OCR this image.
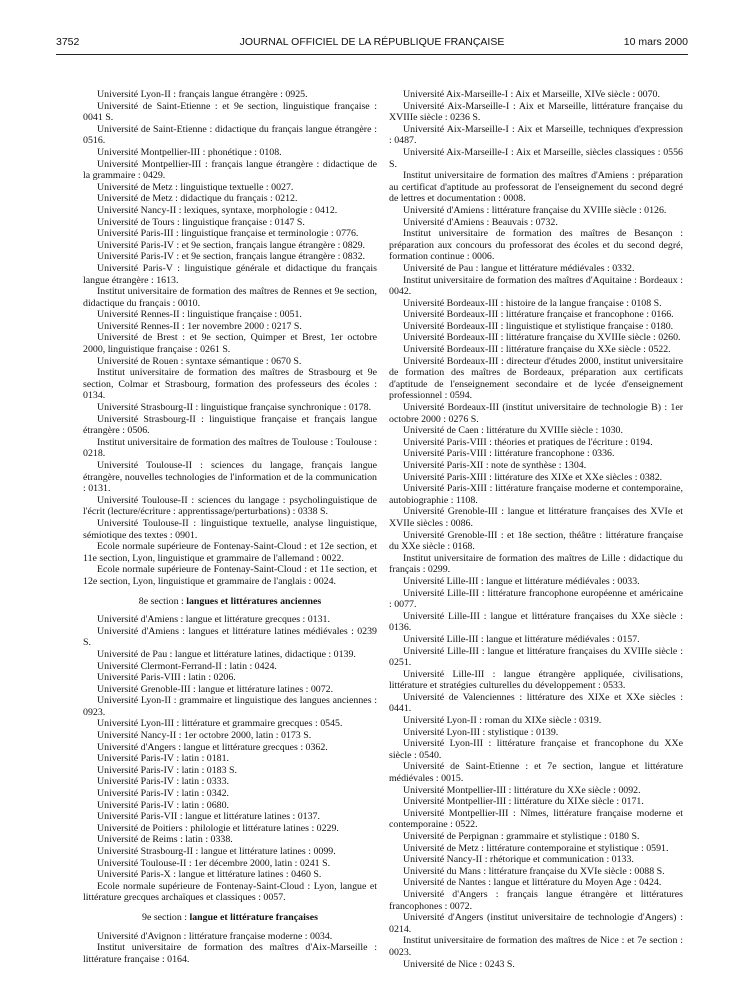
3752	JOURNAL OFFICIEL DE LA RÉPUBLIQUE FRANÇAISE	10 mars 2000

Université Lyon-II : français langue étrangère : 0925.

Université de Saint-Etienne : et 9e section, linguistique française : 0041 S.

Université de Saint-Etienne : didactique du français langue étrangère : 0516.

Université Montpellier-III : phonétique : 0108.

Université Montpellier-III : français langue étrangère : didactique de la grammaire : 0429.

Université de Metz : linguistique textuelle : 0027.

Université de Metz : didactique du français : 0212.

Université Nancy-II : lexiques, syntaxe, morphologie : 0412.

Université de Tours : linguistique française : 0147 S.

Université Paris-III : linguistique française et terminologie : 0776.

Université Paris-IV : et 9e section, français langue étrangère : 0829.

Université Paris-IV : et 9e section, français langue étrangère : 0832.

Université Paris-V : linguistique générale et didactique du français langue étrangère : 1613.

Institut universitaire de formation des maîtres de Rennes et 9e section, didactique du français : 0010.

Université Rennes-II : linguistique française : 0051.

Université Rennes-II : 1er novembre 2000 : 0217 S.

Université de Brest : et 9e section, Quimper et Brest, 1er octobre 2000, linguistique française : 0261 S.

Université de Rouen : syntaxe sémantique : 0670 S.

Institut universitaire de formation des maîtres de Strasbourg et 9e section, Colmar et Strasbourg, formation des professeurs des écoles : 0134.

Université Strasbourg-II : linguistique française synchronique : 0178.

Université Strasbourg-II : linguistique française et français langue étrangère : 0506.

Institut universitaire de formation des maîtres de Toulouse : Toulouse : 0218.

Université Toulouse-II : sciences du langage, français langue étrangère, nouvelles technologies de l'information et de la communication : 0131.

Université Toulouse-II : sciences du langage : psycholinguistique de l'écrit (lecture/écriture : apprentissage/perturbations) : 0338 S.

Université Toulouse-II : linguistique textuelle, analyse linguistique, sémiotique des textes : 0901.

Ecole normale supérieure de Fontenay-Saint-Cloud : et 12e section, et 11e section, Lyon, linguistique et grammaire de l'allemand : 0022.

Ecole normale supérieure de Fontenay-Saint-Cloud : et 11e section, et 12e section, Lyon, linguistique et grammaire de l'anglais : 0024.

8e section : langues et littératures anciennes

Université d'Amiens : langue et littérature grecques : 0131.

Université d'Amiens : langues et littérature latines médiévales : 0239 S.

Université de Pau : langue et littérature latines, didactique : 0139.

Université Clermont-Ferrand-II : latin : 0424.

Université Paris-VIII : latin : 0206.

Université Grenoble-III : langue et littérature latines : 0072.

Université Lyon-II : grammaire et linguistique des langues anciennes : 0923.

Université Lyon-III : littérature et grammaire grecques : 0545.

Université Nancy-II : 1er octobre 2000, latin : 0173 S.

Université d'Angers : langue et littérature grecques : 0362.

Université Paris-IV : latin : 0181.

Université Paris-IV : latin : 0183 S.

Université Paris-IV : latin : 0333.

Université Paris-IV : latin : 0342.

Université Paris-IV : latin : 0680.

Université Paris-VII : langue et littérature latines : 0137.

Université de Poitiers : philologie et littérature latines : 0229.

Université de Reims : latin : 0338.

Université Strasbourg-II : langue et littérature latines : 0099.

Université Toulouse-II : 1er décembre 2000, latin : 0241 S.

Université Paris-X : langue et littérature latines : 0460 S.

Ecole normale supérieure de Fontenay-Saint-Cloud : Lyon, langue et littérature grecques archaïques et classiques : 0057.

9e section : langue et littérature françaises

Université d'Avignon : littérature française moderne : 0034.

Institut universitaire de formation des maîtres d'Aix-Marseille : littérature française : 0164.

Université Aix-Marseille-I : Aix et Marseille, XIVe siècle : 0070.

Université Aix-Marseille-I : Aix et Marseille, littérature française du XVIIIe siècle : 0236 S.

Université Aix-Marseille-I : Aix et Marseille, techniques d'expression : 0487.

Université Aix-Marseille-I : Aix et Marseille, siècles classiques : 0556 S.

Institut universitaire de formation des maîtres d'Amiens : préparation au certificat d'aptitude au professorat de l'enseignement du second degré de lettres et documentation : 0008.

Université d'Amiens : littérature française du XVIIIe siècle : 0126.

Université d'Amiens : Beauvais : 0732.

Institut universitaire de formation des maîtres de Besançon : préparation aux concours du professorat des écoles et du second degré, formation continue : 0006.

Université de Pau : langue et littérature médiévales : 0332.

Institut universitaire de formation des maîtres d'Aquitaine : Bordeaux : 0042.

Université Bordeaux-III : histoire de la langue française : 0108 S.

Université Bordeaux-III : littérature française et francophone : 0166.

Université Bordeaux-III : linguistique et stylistique française : 0180.

Université Bordeaux-III : littérature française du XVIIIe siècle : 0260.

Université Bordeaux-III : littérature française du XXe siècle : 0522.

Université Bordeaux-III : directeur d'études 2000, institut universitaire de formation des maîtres de Bordeaux, préparation aux certificats d'aptitude de l'enseignement secondaire et de lycée d'enseignement professionnel : 0594.

Université Bordeaux-III (institut universitaire de technologie B) : 1er octobre 2000 : 0276 S.

Université de Caen : littérature du XVIIIe siècle : 1030.

Université Paris-VIII : théories et pratiques de l'écriture : 0194.

Université Paris-VIII : littérature francophone : 0336.

Université Paris-XII : note de synthèse : 1304.

Université Paris-XIII : littérature des XIXe et XXe siècles : 0382.

Université Paris-XIII : littérature française moderne et contemporaine, autobiographie : 1108.

Université Grenoble-III : langue et littérature françaises des XVIe et XVIIe siècles : 0086.

Université Grenoble-III : et 18e section, théâtre : littérature française du XXe siècle : 0168.

Institut universitaire de formation des maîtres de Lille : didactique du français : 0299.

Université Lille-III : langue et littérature médiévales : 0033.

Université Lille-III : littérature francophone européenne et américaine : 0077.

Université Lille-III : langue et littérature françaises du XXe siècle : 0136.

Université Lille-III : langue et littérature médiévales : 0157.

Université Lille-III : langue et littérature françaises du XVIIIe siècle : 0251.

Université Lille-III : langue étrangère appliquée, civilisations, littérature et stratégies culturelles du développement : 0533.

Université de Valenciennes : littérature des XIXe et XXe siècles : 0441.

Université Lyon-II : roman du XIXe siècle : 0319.

Université Lyon-III : stylistique : 0139.

Université Lyon-III : littérature française et francophone du XXe siècle : 0540.

Université de Saint-Etienne : et 7e section, langue et littérature médiévales : 0015.

Université Montpellier-III : littérature du XXe siècle : 0092.

Université Montpellier-III : littérature du XIXe siècle : 0171.

Université Montpellier-III : Nîmes, littérature française moderne et contemporaine : 0522.

Université de Perpignan : grammaire et stylistique : 0180 S.

Université de Metz : littérature contemporaine et stylistique : 0591.

Université Nancy-II : rhétorique et communication : 0133.

Université du Mans : littérature française du XVIe siècle : 0088 S.

Université de Nantes : langue et littérature du Moyen Age : 0424.

Université d'Angers : français langue étrangère et littératures francophones : 0072.

Université d'Angers (institut universitaire de technologie d'Angers) : 0214.

Institut universitaire de formation des maîtres de Nice : et 7e section : 0023.

Université de Nice : 0243 S.
